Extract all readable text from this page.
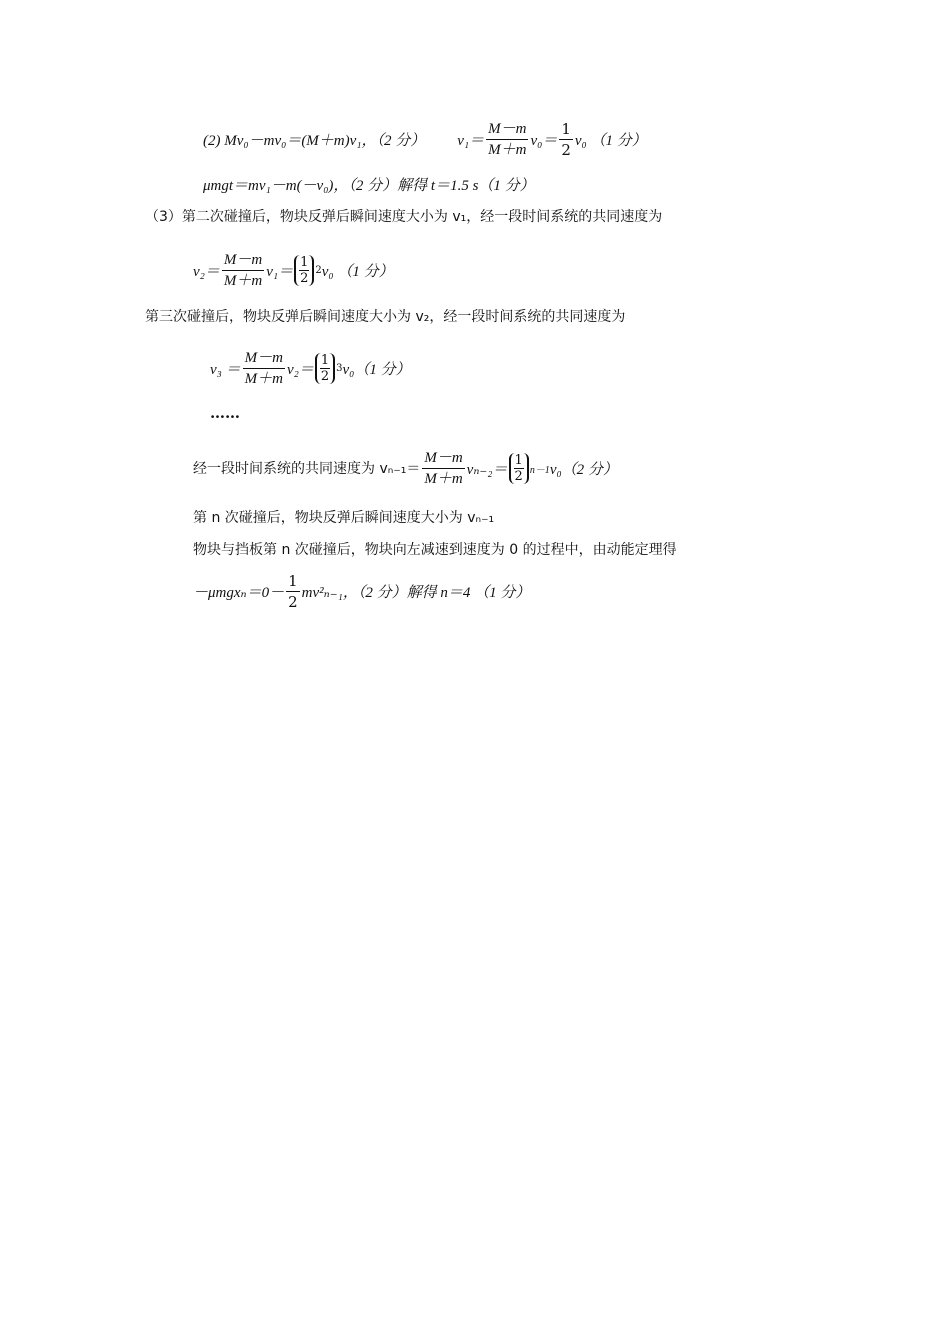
(2) Mv₀－mv₀＝(M＋m)v₁，（2 分） $v_1= \frac{M-m}{M+m} v_0= \frac{1}{2} v_0$ （1 分）
μmgt＝mv₁－m(－v₀)，（2 分）解得 t＝1.5 s（1 分）
（3）第二次碰撞后，物块反弹后瞬间速度大小为 v₁，经一段时间系统的共同速度为
$v_2= \frac{M-m}{M+m} v_1= \frac{1}{2} 2$ v₀ （1 分）
第三次碰撞后，物块反弹后瞬间速度大小为 v₂，经一段时间系统的共同速度为
$v_3 = \frac{M-m}{M+m} v_2= \frac{1}{2} 3$ v₀（1 分）
……
经一段时间系统的共同速度为 $v_{n-1}= \frac{M-m}{M+m} v_{n-2}= \frac{1}{2} n-1$ v₀（2 分）
第 n 次碰撞后，物块反弹后瞬间速度大小为 vₙ₋₁
物块与挡板第 n 次碰撞后，物块向左减速到速度为 0 的过程中，由动能定理得
$-\mu mgx_n=0- \frac{1}{2} mv^2_{n-1}$，（2 分）解得 n＝4 （1 分）
